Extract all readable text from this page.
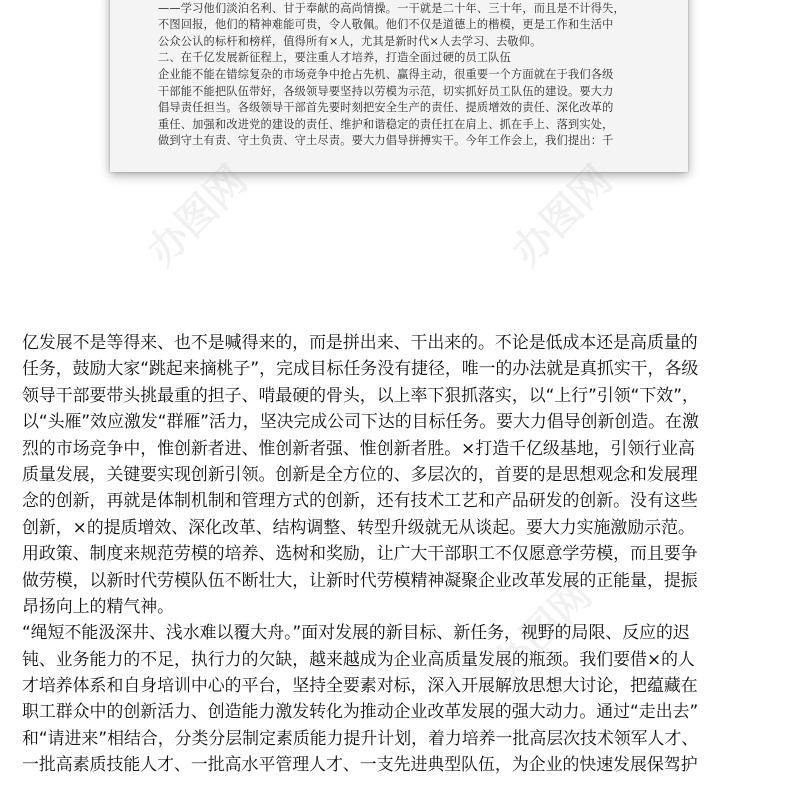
——学习他们淡泊名利、甘于奉献的高尚情操。一干就是二十年、三十年，而且是不计得失，
不图回报，他们的精神难能可贵，令人敬佩。他们不仅是道德上的楷模，更是工作和生活中
公众公认的标杆和榜样，值得所有×人，尤其是新时代×人去学习、去敬仰。
二、在千亿发展新征程上，要注重人才培养，打造全面过硬的员工队伍
企业能不能在错综复杂的市场竞争中抢占先机、赢得主动，很重要一个方面就在于我们各级
干部能不能把队伍带好，各级领导要坚持以劳模为示范，切实抓好员工队伍的建设。要大力
倡导责任担当。各级领导干部首先要时刻把安全生产的责任、提质增效的责任、深化改革的
重任、加强和改进党的建设的责任、维护和谐稳定的责任扛在肩上、抓在手上、落到实处，
做到守土有责、守土负责、守土尽责。要大力倡导拼搏实干。今年工作会上，我们提出：千
办图网	办图网
办图网
亿发展不是等得来、也不是喊得来的，而是拼出来、干出来的。不论是低成本还是高质量的
任务，鼓励大家“跳起来摘桃子”，完成目标任务没有捷径，唯一的办法就是真抓实干，各级
领导干部要带头挑最重的担子、啃最硬的骨头，以上率下狠抓落实，以“上行”引领“下效”，
以“头雁”效应激发“群雁”活力，坚决完成公司下达的目标任务。要大力倡导创新创造。在激
烈的市场竞争中，惟创新者进、惟创新者强、惟创新者胜。×打造千亿级基地，引领行业高
质量发展，关键要实现创新引领。创新是全方位的、多层次的，首要的是思想观念和发展理
念的创新，再就是体制机制和管理方式的创新，还有技术工艺和产品研发的创新。没有这些
创新，×的提质增效、深化改革、结构调整、转型升级就无从谈起。要大力实施激励示范。
用政策、制度来规范劳模的培养、选树和奖励，让广大干部职工不仅愿意学劳模，而且要争
做劳模，以新时代劳模队伍不断壮大，让新时代劳模精神凝聚企业改革发展的正能量，提振
昂扬向上的精气神。
“绳短不能汲深井、浅水难以覆大舟。”面对发展的新目标、新任务，视野的局限、反应的迟
钝、业务能力的不足，执行力的欠缺，越来越成为企业高质量发展的瓶颈。我们要借×的人
才培养体系和自身培训中心的平台，坚持全要素对标，深入开展解放思想大讨论，把蕴藏在
职工群众中的创新活力、创造能力激发转化为推动企业改革发展的强大动力。通过“走出去”
和“请进来”相结合，分类分层制定素质能力提升计划，着力培养一批高层次技术领军人才、
一批高素质技能人才、一批高水平管理人才、一支先进典型队伍，为企业的快速发展保驾护
